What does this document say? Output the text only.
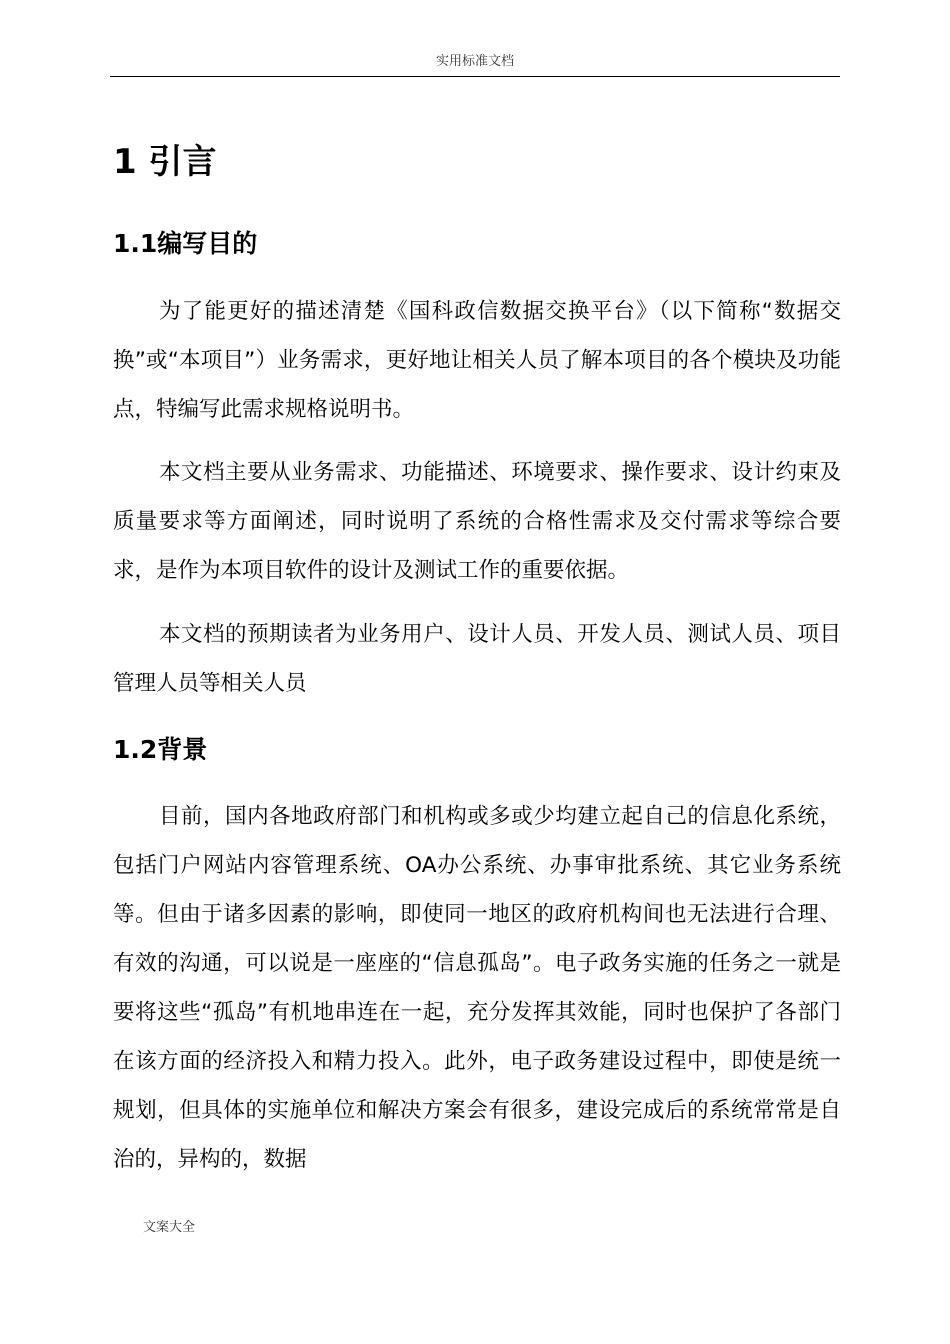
实用标准文档
1 引言
1.1编写目的

为了能更好的描述清楚《国科政信数据交换平台》（以下简称“数据交换”或“本项目”）业务需求，更好地让相关人员了解本项目的各个模块及功能点，特编写此需求规格说明书。

本文档主要从业务需求、功能描述、环境要求、操作要求、设计约束及质量要求等方面阐述，同时说明了系统的合格性需求及交付需求等综合要求，是作为本项目软件的设计及测试工作的重要依据。

本文档的预期读者为业务用户、设计人员、开发人员、测试人员、项目管理人员等相关人员

1.2背景

目前，国内各地政府部门和机构或多或少均建立起自己的信息化系统，包括门户网站内容管理系统、OA办公系统、办事审批系统、其它业务系统等。但由于诸多因素的影响，即使同一地区的政府机构间也无法进行合理、有效的沟通，可以说是一座座的“信息孤岛”。电子政务实施的任务之一就是要将这些“孤岛”有机地串连在一起，充分发挥其效能，同时也保护了各部门在该方面的经济投入和精力投入。此外，电子政务建设过程中，即使是统一规划，但具体的实施单位和解决方案会有很多，建设完成后的系统常常是自治的，异构的，数据

文案大全
